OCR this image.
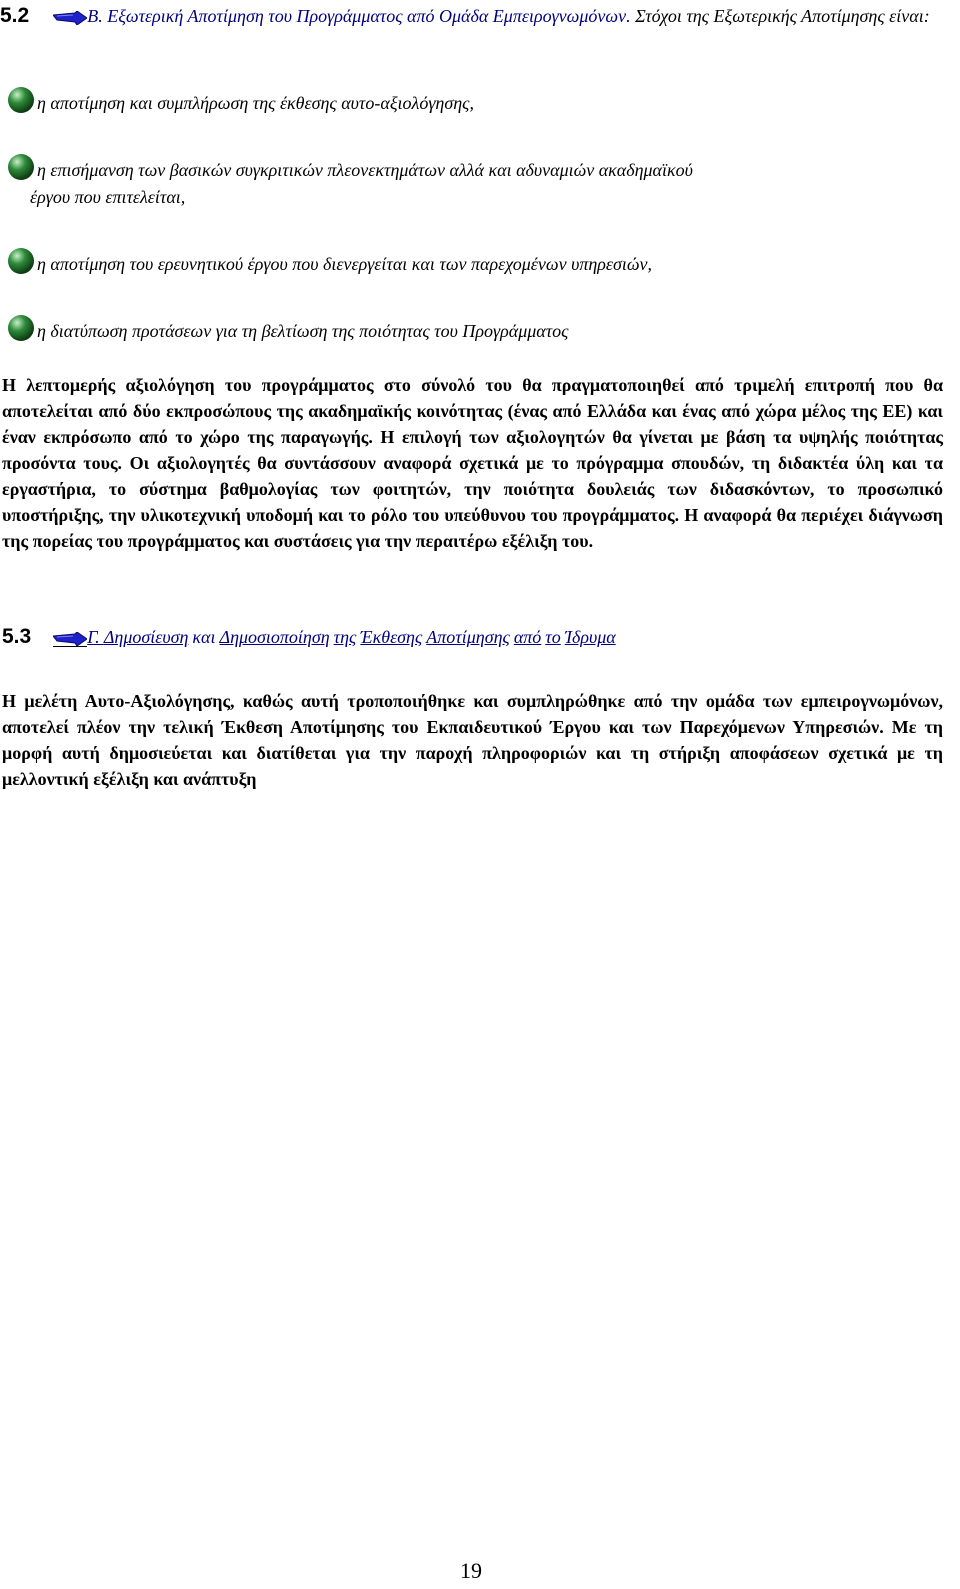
5.2	Β. Εξωτερική Αποτίμηση του Προγράμματος από Ομάδα Εμπειρογνωμόνων. Στόχοι της Εξωτερικής Αποτίμησης είναι:
η αποτίμηση και συμπλήρωση της έκθεσης αυτο-αξιολόγησης,
η επισήμανση των βασικών συγκριτικών πλεονεκτημάτων αλλά και αδυναμιών ακαδημαϊκού
έργου που επιτελείται,
η αποτίμηση του ερευνητικού έργου που διενεργείται και των παρεχομένων υπηρεσιών,
η διατύπωση προτάσεων για τη βελτίωση της ποιότητας του Προγράμματος
Η λεπτομερής αξιολόγηση του προγράμματος στο σύνολό του θα πραγματοποιηθεί από τριμελή επιτροπή που θα αποτελείται από δύο εκπροσώπους της ακαδημαϊκής κοινότητας (ένας από Ελλάδα και ένας από χώρα μέλος της ΕΕ) και έναν εκπρόσωπο από το χώρο της παραγωγής. Η επιλογή των αξιολογητών θα γίνεται με βάση τα υψηλής ποιότητας προσόντα τους. Οι αξιολογητές θα συντάσσουν αναφορά σχετικά με το πρόγραμμα σπουδών, τη διδακτέα ύλη και τα εργαστήρια, το σύστημα βαθμολογίας των φοιτητών, την ποιότητα δουλειάς των διδασκόντων, το προσωπικό υποστήριξης, την υλικοτεχνική υποδομή και το ρόλο του υπεύθυνου του προγράμματος. Η αναφορά θα περιέχει διάγνωση της πορείας του προγράμματος και συστάσεις για την περαιτέρω εξέλιξη του.
5.3	Γ. Δημοσίευση και Δημοσιοποίηση της Έκθεσης Αποτίμησης από το Ίδρυμα
Η μελέτη Αυτο-Αξιολόγησης, καθώς αυτή τροποποιήθηκε και συμπληρώθηκε από την ομάδα των εμπειρογνωμόνων, αποτελεί πλέον την τελική Έκθεση Αποτίμησης του Εκπαιδευτικού Έργου και των Παρεχόμενων Υπηρεσιών. Με τη μορφή αυτή δημοσιεύεται και διατίθεται για την παροχή πληροφοριών και τη στήριξη αποφάσεων σχετικά με τη μελλοντική εξέλιξη και ανάπτυξη
19
